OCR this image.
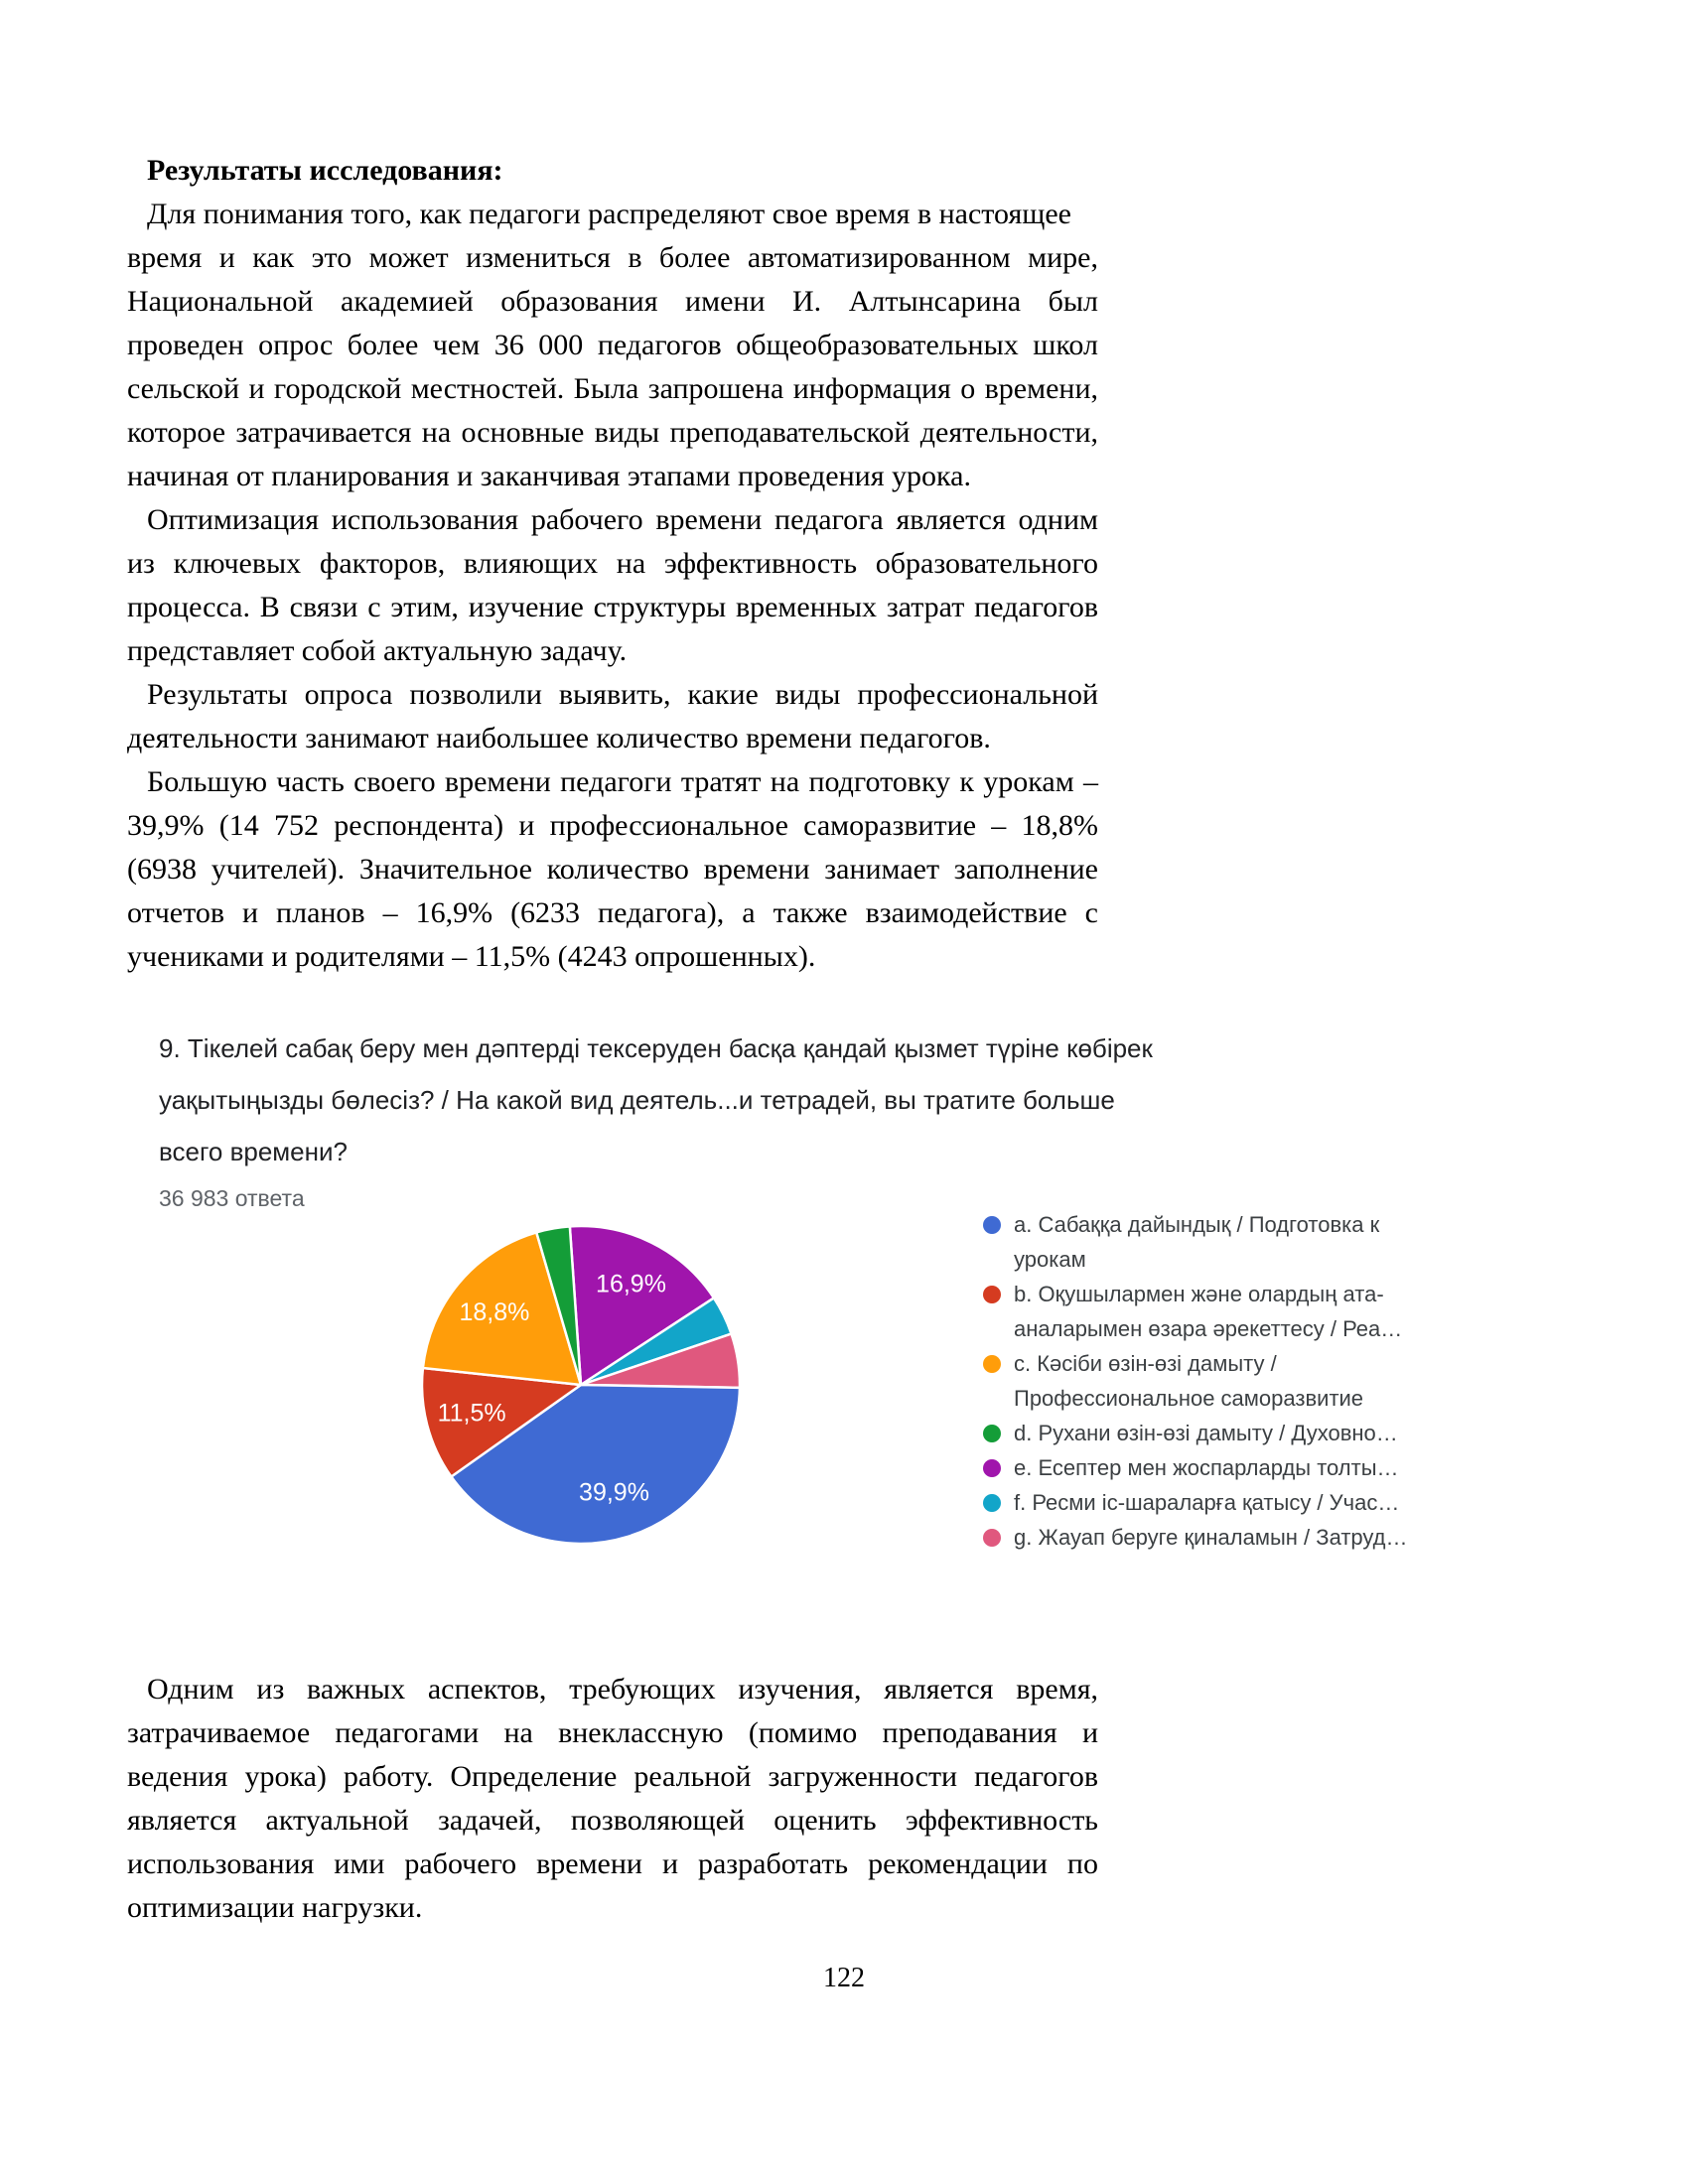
Результаты исследования:
Для понимания того, как педагоги распределяют свое время в настоящее
время и как это может измениться в более автоматизированном мире, Национальной академией образования имени И. Алтынсарина был проведен опрос более чем 36 000 педагогов общеобразовательных школ сельской и городской местностей. Была запрошена информация о времени, которое затрачивается на основные виды преподавательской деятельности, начиная от планирования и заканчивая этапами проведения урока.
Оптимизация использования рабочего времени педагога является одним из ключевых факторов, влияющих на эффективность образовательного процесса. В связи с этим, изучение структуры временных затрат педагогов представляет собой актуальную задачу.
Результаты опроса позволили выявить, какие виды профессиональной деятельности занимают наибольшее количество времени педагогов.
Большую часть своего времени педагоги тратят на подготовку к урокам – 39,9% (14 752 респондента) и профессиональное саморазвитие – 18,8% (6938 учителей). Значительное количество времени занимает заполнение отчетов и планов – 16,9% (6233 педагога), а также взаимодействие с учениками и родителями – 11,5% (4243 опрошенных).
9. Тікелей сабақ беру мен дәптерді тексеруден басқа қандай қызмет түріне көбірек уақытыңызды бөлесіз? / На какой вид деятель...и тетрадей, вы тратите больше всего времени?
36 983 ответа
16,9%
39,9%
11,5%
18,8%
a. Сабаққа дайындық / Подготовка к урокам
b. Оқушылармен және олардың ата-аналарымен өзара әрекеттесу / Реа…
c. Кәсіби өзін-өзі дамыту / Профессиональное саморазвитие
d. Рухани өзін-өзі дамыту / Духовно…
e. Есептер мен жоспарларды толты…
f. Ресми іс-шараларға қатысу / Учас…
g. Жауап беруге қиналамын / Затруд…
Одним из важных аспектов, требующих изучения, является время, затрачиваемое педагогами на внеклассную (помимо преподавания и ведения урока) работу. Определение реальной загруженности педагогов является актуальной задачей, позволяющей оценить эффективность использования ими рабочего времени и разработать рекомендации по оптимизации нагрузки.
122
